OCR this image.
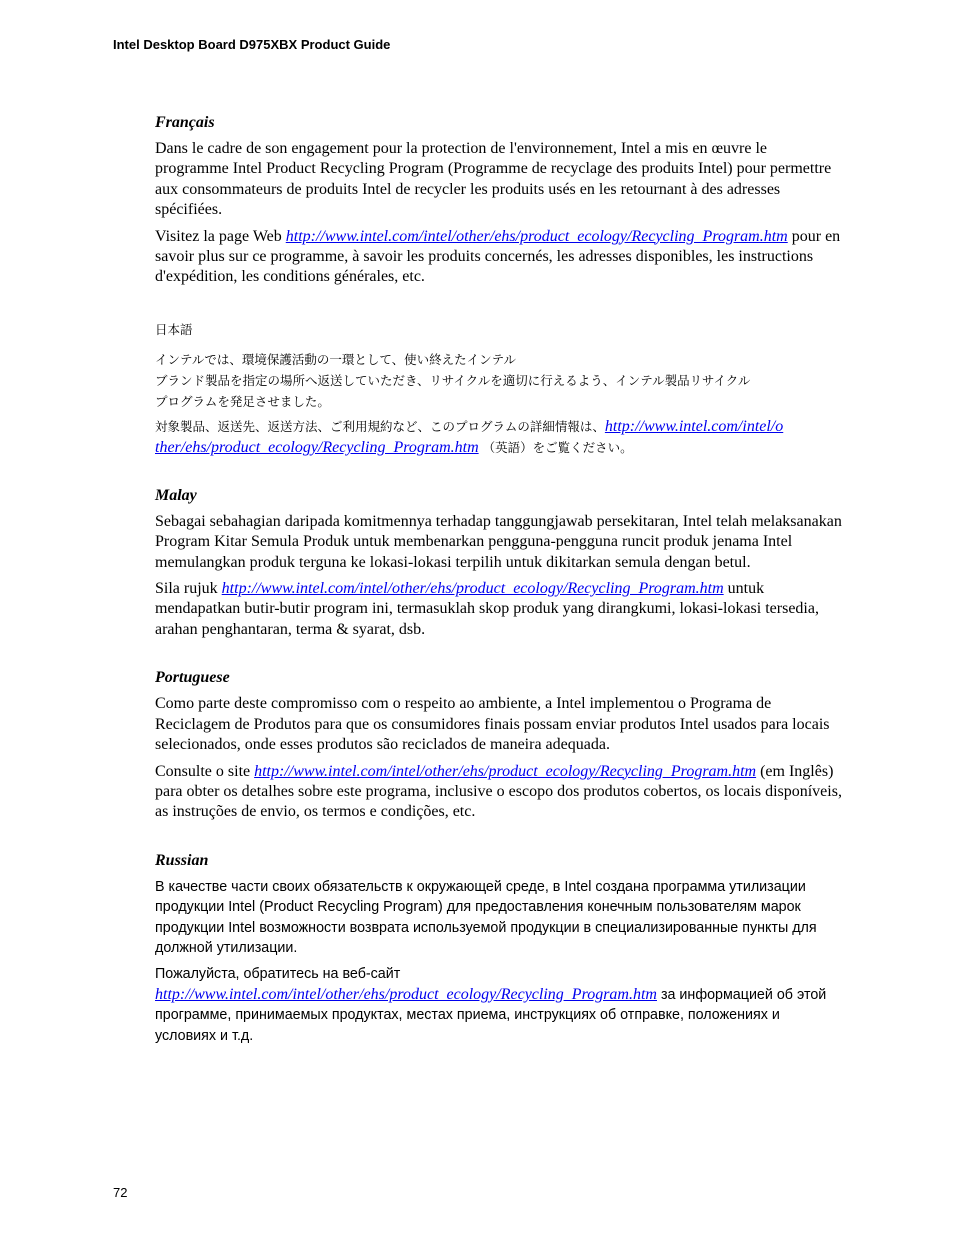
Intel Desktop Board D975XBX Product Guide

Français

Dans le cadre de son engagement pour la protection de l'environnement, Intel a mis en œuvre le programme Intel Product Recycling Program (Programme de recyclage des produits Intel) pour permettre aux consommateurs de produits Intel de recycler les produits usés en les retournant à des adresses spécifiées.

Visitez la page Web http://www.intel.com/intel/other/ehs/product_ecology/Recycling_Program.htm pour en savoir plus sur ce programme, à savoir les produits concernés, les adresses disponibles, les instructions d'expédition, les conditions générales, etc.

日本語

インテルでは、環境保護活動の一環として、使い終えたインテル
ブランド製品を指定の場所へ返送していただき、リサイクルを適切に行えるよう、インテル製品リサイクル
プログラムを発足させました。

対象製品、返送先、返送方法、ご利用規約など、このプログラムの詳細情報は、http://www.intel.com/intel/o
ther/ehs/product_ecology/Recycling_Program.htm （英語）をご覧ください。

Malay

Sebagai sebahagian daripada komitmennya terhadap tanggungjawab persekitaran, Intel telah melaksanakan Program Kitar Semula Produk untuk membenarkan pengguna-pengguna runcit produk jenama Intel memulangkan produk terguna ke lokasi-lokasi terpilih untuk dikitarkan semula dengan betul.

Sila rujuk http://www.intel.com/intel/other/ehs/product_ecology/Recycling_Program.htm untuk mendapatkan butir-butir program ini, termasuklah skop produk yang dirangkumi, lokasi-lokasi tersedia, arahan penghantaran, terma & syarat, dsb.

Portuguese

Como parte deste compromisso com o respeito ao ambiente, a Intel implementou o Programa de Reciclagem de Produtos para que os consumidores finais possam enviar produtos Intel usados para locais selecionados, onde esses produtos são reciclados de maneira adequada.

Consulte o site http://www.intel.com/intel/other/ehs/product_ecology/Recycling_Program.htm (em Inglês) para obter os detalhes sobre este programa, inclusive o escopo dos produtos cobertos, os locais disponíveis, as instruções de envio, os termos e condições, etc.

Russian

В качестве части своих обязательств к окружающей среде, в Intel создана программа утилизации продукции Intel (Product Recycling Program) для предоставления конечным пользователям марок продукции Intel возможности возврата используемой продукции в специализированные пункты для должной утилизации.

Пожалуйста, обратитесь на веб-сайт
http://www.intel.com/intel/other/ehs/product_ecology/Recycling_Program.htm за информацией об этой программе, принимаемых продуктах, местах приема, инструкциях об отправке, положениях и условиях и т.д.

72
